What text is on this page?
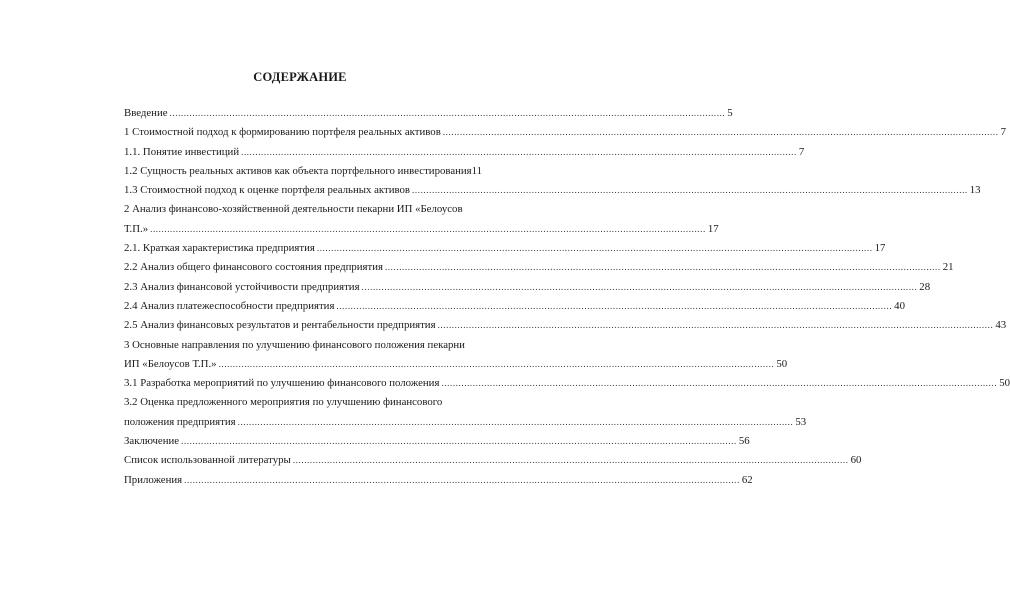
СОДЕРЖАНИЕ
Введение .....	5
1 Стоимостной подход к формированию портфеля реальных активов .....	7
1.1. Понятие инвестиций .....	7
1.2 Сущность реальных активов как объекта портфельного инвестирования 11
1.3 Стоимостной подход к оценке портфеля реальных активов .....	13
2 Анализ финансово-хозяйственной деятельности пекарни ИП «Белоусов
Т.П.» .....	17
2.1. Краткая характеристика предприятия .....	17
2.2 Анализ общего финансового состояния предприятия .....	21
2.3 Анализ финансовой устойчивости предприятия .....	28
2.4 Анализ платежеспособности предприятия .....	40
2.5 Анализ финансовых результатов и рентабельности предприятия .....	43
3 Основные направления по улучшению финансового положения пекарни
ИП «Белоусов Т.П.» .....	50
3.1 Разработка мероприятий по улучшению финансового положения .....	50
3.2 Оценка предложенного мероприятия по улучшению финансового
положения предприятия .....	53
Заключение .....	56
Список использованной литературы .....	60
Приложения .....	62
